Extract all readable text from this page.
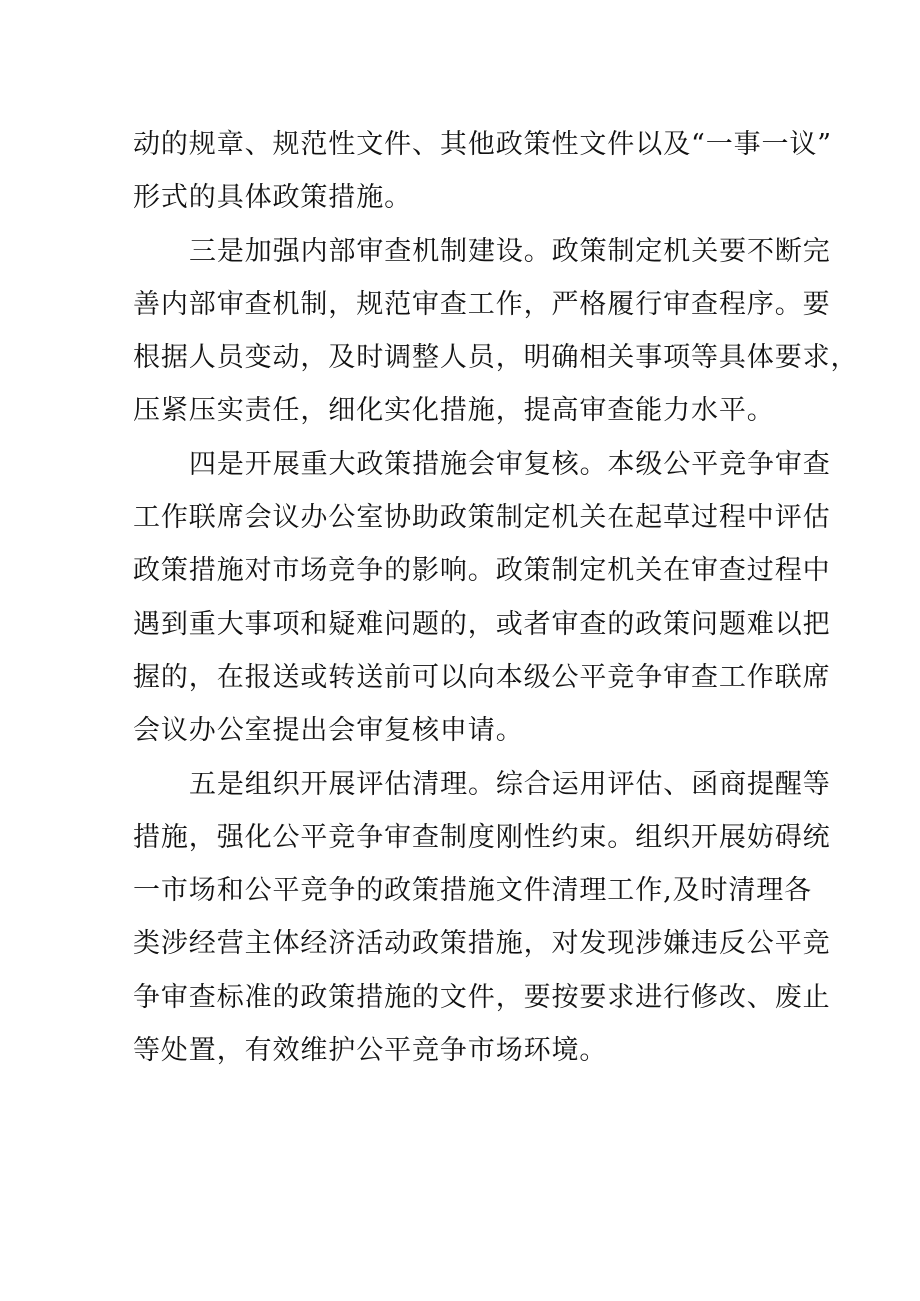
动的规章、规范性文件、其他政策性文件以及“一事一议”
形式的具体政策措施。
三是加强内部审查机制建设。政策制定机关要不断完
善内部审查机制，规范审查工作，严格履行审查程序。要
根据人员变动，及时调整人员，明确相关事项等具体要求，
压紧压实责任，细化实化措施，提高审查能力水平。
四是开展重大政策措施会审复核。本级公平竞争审查
工作联席会议办公室协助政策制定机关在起草过程中评估
政策措施对市场竞争的影响。政策制定机关在审查过程中
遇到重大事项和疑难问题的，或者审查的政策问题难以把
握的，在报送或转送前可以向本级公平竞争审查工作联席
会议办公室提出会审复核申请。
五是组织开展评估清理。综合运用评估、函商提醒等
措施，强化公平竞争审查制度刚性约束。组织开展妨碍统
一市场和公平竞争的政策措施文件清理工作,及时清理各
类涉经营主体经济活动政策措施，对发现涉嫌违反公平竞
争审查标准的政策措施的文件，要按要求进行修改、废止
等处置，有效维护公平竞争市场环境。
